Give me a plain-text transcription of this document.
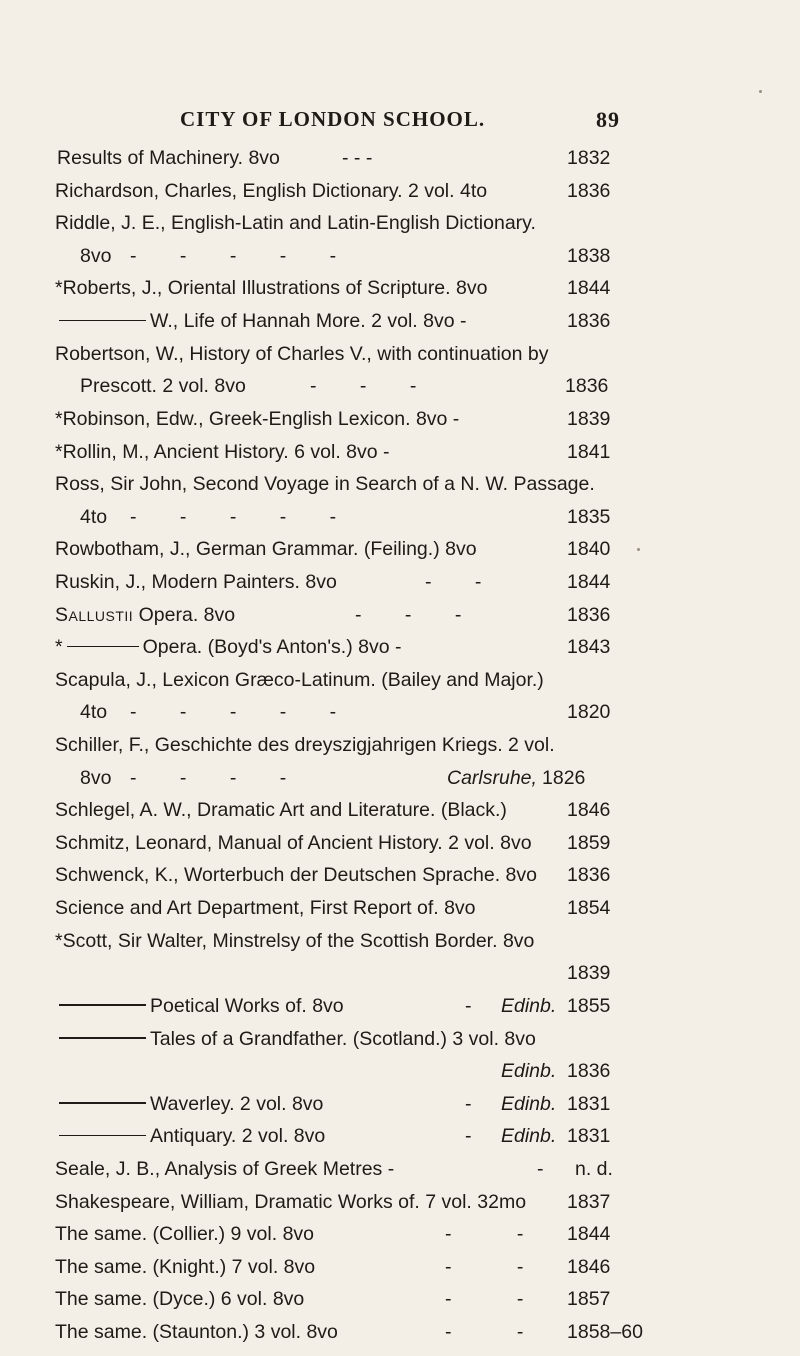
CITY OF LONDON SCHOOL.	89
Results of Machinery. 8vo	- - -	1832
Richardson, Charles, English Dictionary. 2 vol. 4to	1836
Riddle, J. E., English-Latin and Latin-English Dictionary.
8vo - - - - -	1838
*Roberts, J., Oriental Illustrations of Scripture. 8vo	1844
W., Life of Hannah More. 2 vol. 8vo -	1836
Robertson, W., History of Charles V., with continuation by
Prescott. 2 vol. 8vo	- - -	1836
*Robinson, Edw., Greek-English Lexicon. 8vo -	1839
*Rollin, M., Ancient History. 6 vol. 8vo -	1841
Ross, Sir John, Second Voyage in Search of a N. W. Passage.
4to - - - - -	1835
Rowbotham, J., German Grammar. (Feiling.) 8vo	1840
Ruskin, J., Modern Painters. 8vo	- -	1844
Sallustii Opera. 8vo	- - -	1836
*	Opera. (Boyd's Anton's.) 8vo -	1843
Scapula, J., Lexicon Græco-Latinum. (Bailey and Major.)
4to - - - - -	1820
Schiller, F., Geschichte des dreyszigjahrigen Kriegs. 2 vol.
8vo - - - -	Carlsruhe, 1826
Schlegel, A. W., Dramatic Art and Literature. (Black.)	1846
Schmitz, Leonard, Manual of Ancient History. 2 vol. 8vo 1859
Schwenck, K., Worterbuch der Deutschen Sprache. 8vo 1836
Science and Art Department, First Report of. 8vo	1854
*Scott, Sir Walter, Minstrelsy of the Scottish Border. 8vo
1839
Poetical Works of. 8vo	- Edinb. 1855
Tales of a Grandfather. (Scotland.) 3 vol. 8vo
Edinb. 1836
Waverley. 2 vol. 8vo	- Edinb. 1831
Antiquary. 2 vol. 8vo	- Edinb. 1831
Seale, J. B., Analysis of Greek Metres -	- n. d.
Shakespeare, William, Dramatic Works of. 7 vol. 32mo 1837
The same. (Collier.) 9 vol. 8vo	- - 1844
The same. (Knight.) 7 vol. 8vo	- - 1846
The same. (Dyce.) 6 vol. 8vo	- - 1857
The same. (Staunton.) 3 vol. 8vo	- - 1858–60
